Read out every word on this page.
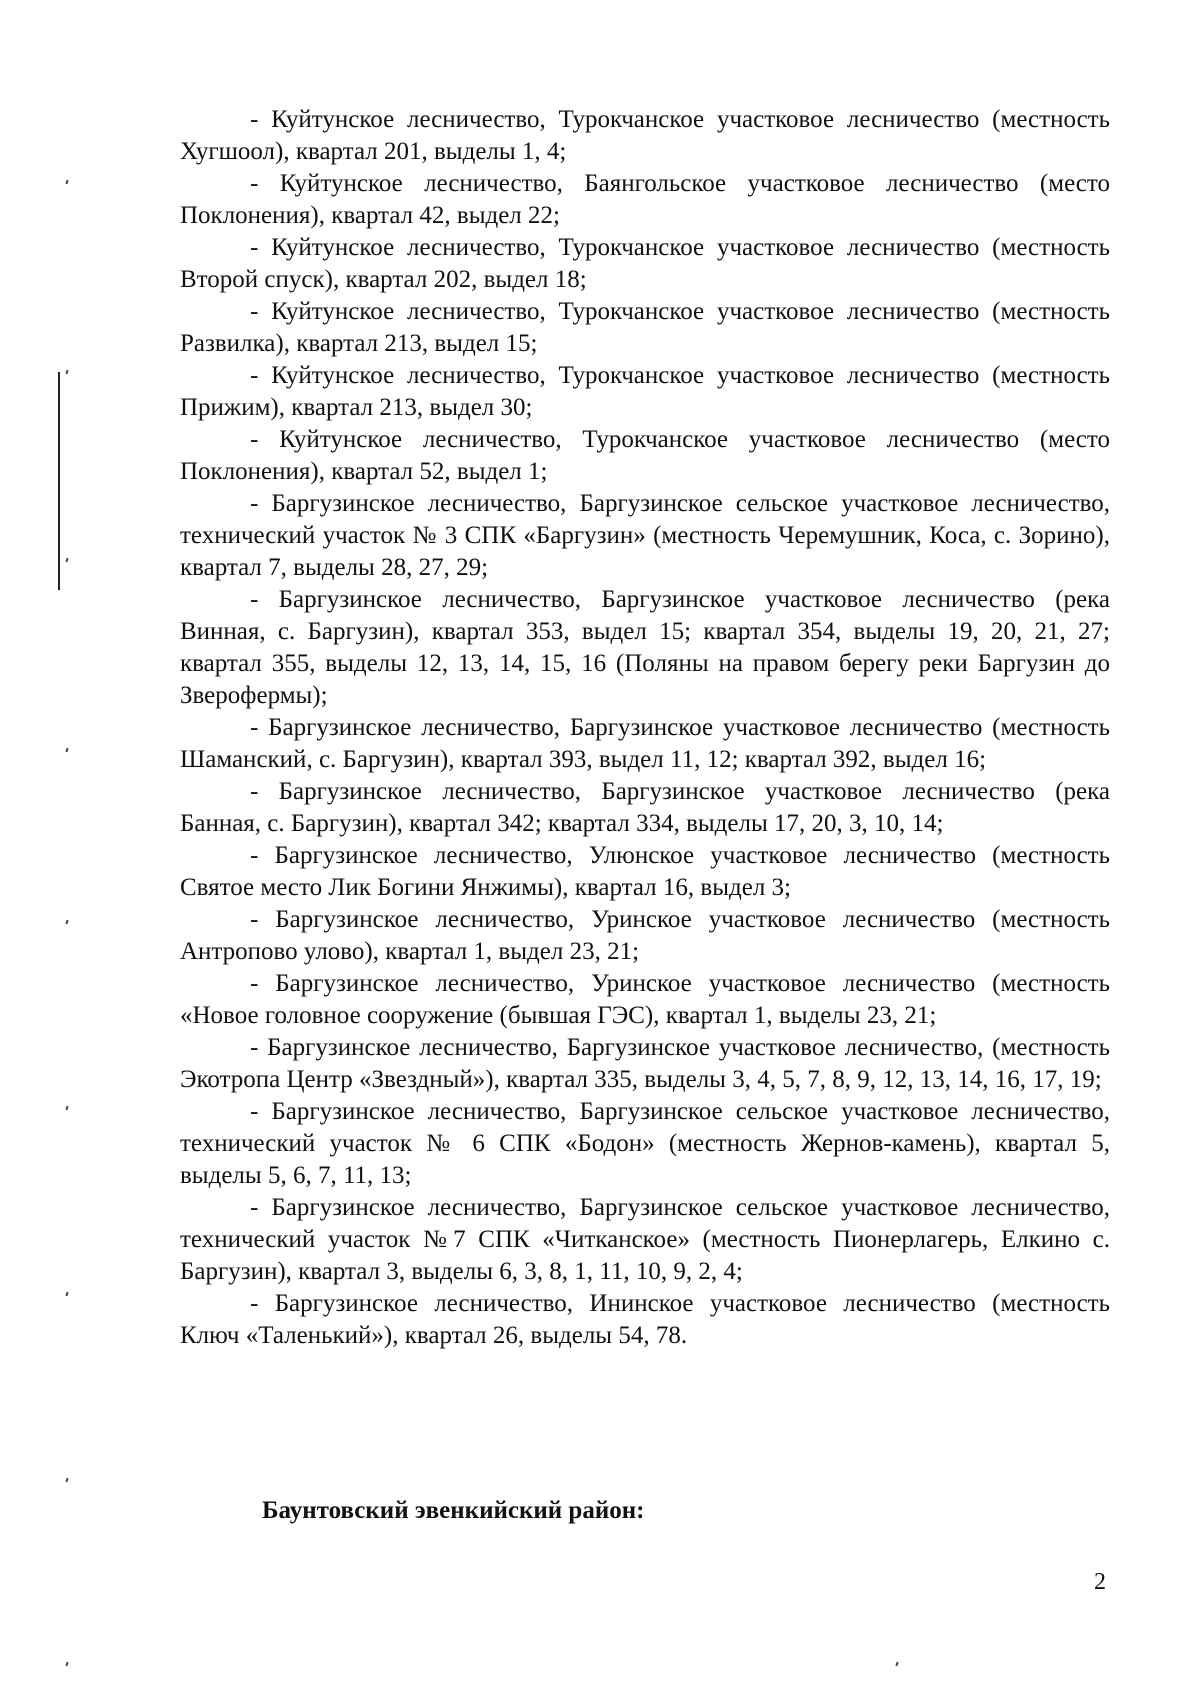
- Куйтунское лесничество, Турокчанское участковое лесничество (местность Хугшоол), квартал 201, выделы 1, 4;

- Куйтунское лесничество, Баянгольское участковое лесничество (место Поклонения), квартал 42, выдел 22;

- Куйтунское лесничество, Турокчанское участковое лесничество (местность Второй спуск), квартал 202, выдел 18;

- Куйтунское лесничество, Турокчанское участковое лесничество (местность Развилка), квартал 213, выдел 15;

- Куйтунское лесничество, Турокчанское участковое лесничество (местность Прижим), квартал 213, выдел 30;

- Куйтунское лесничество, Турокчанское участковое лесничество (место Поклонения), квартал 52, выдел 1;

- Баргузинское лесничество, Баргузинское сельское участковое лесничество, технический участок № 3 СПК «Баргузин» (местность Черемушник, Коса, с. Зорино), квартал 7, выделы 28, 27, 29;

- Баргузинское лесничество, Баргузинское участковое лесничество (река Винная, с. Баргузин), квартал 353, выдел 15; квартал 354, выделы 19, 20, 21, 27; квартал 355, выделы 12, 13, 14, 15, 16 (Поляны на правом берегу реки Баргузин до Зверофермы);

- Баргузинское лесничество, Баргузинское участковое лесничество (местность Шаманский, с. Баргузин), квартал 393, выдел 11, 12; квартал 392, выдел 16;

- Баргузинское лесничество, Баргузинское участковое лесничество (река Банная, с. Баргузин), квартал 342; квартал 334, выделы 17, 20, 3, 10, 14;

- Баргузинское лесничество, Улюнское участковое лесничество (местность Святое место Лик Богини Янжимы), квартал 16, выдел 3;

- Баргузинское лесничество, Уринское участковое лесничество (местность Антропово улово), квартал 1, выдел 23, 21;

- Баргузинское лесничество, Уринское участковое лесничество (местность «Новое головное сооружение (бывшая ГЭС), квартал 1, выделы 23, 21;

- Баргузинское лесничество, Баргузинское участковое лесничество, (местность Экотропа Центр «Звездный»), квартал 335, выделы 3, 4, 5, 7, 8, 9, 12, 13, 14, 16, 17, 19;

- Баргузинское лесничество, Баргузинское сельское участковое лесничество, технический участок № 6 СПК «Бодон» (местность Жернов-камень), квартал 5, выделы 5, 6, 7, 11, 13;

- Баргузинское лесничество, Баргузинское сельское участковое лесничество, технический участок №7 СПК «Читканское» (местность Пионерлагерь, Елкино с. Баргузин), квартал 3, выделы 6, 3, 8, 1, 11, 10, 9, 2, 4;

- Баргузинское лесничество, Ининское участковое лесничество (местность Ключ «Таленький»), квартал 26, выделы 54, 78.

Баунтовский эвенкийский район:

2
